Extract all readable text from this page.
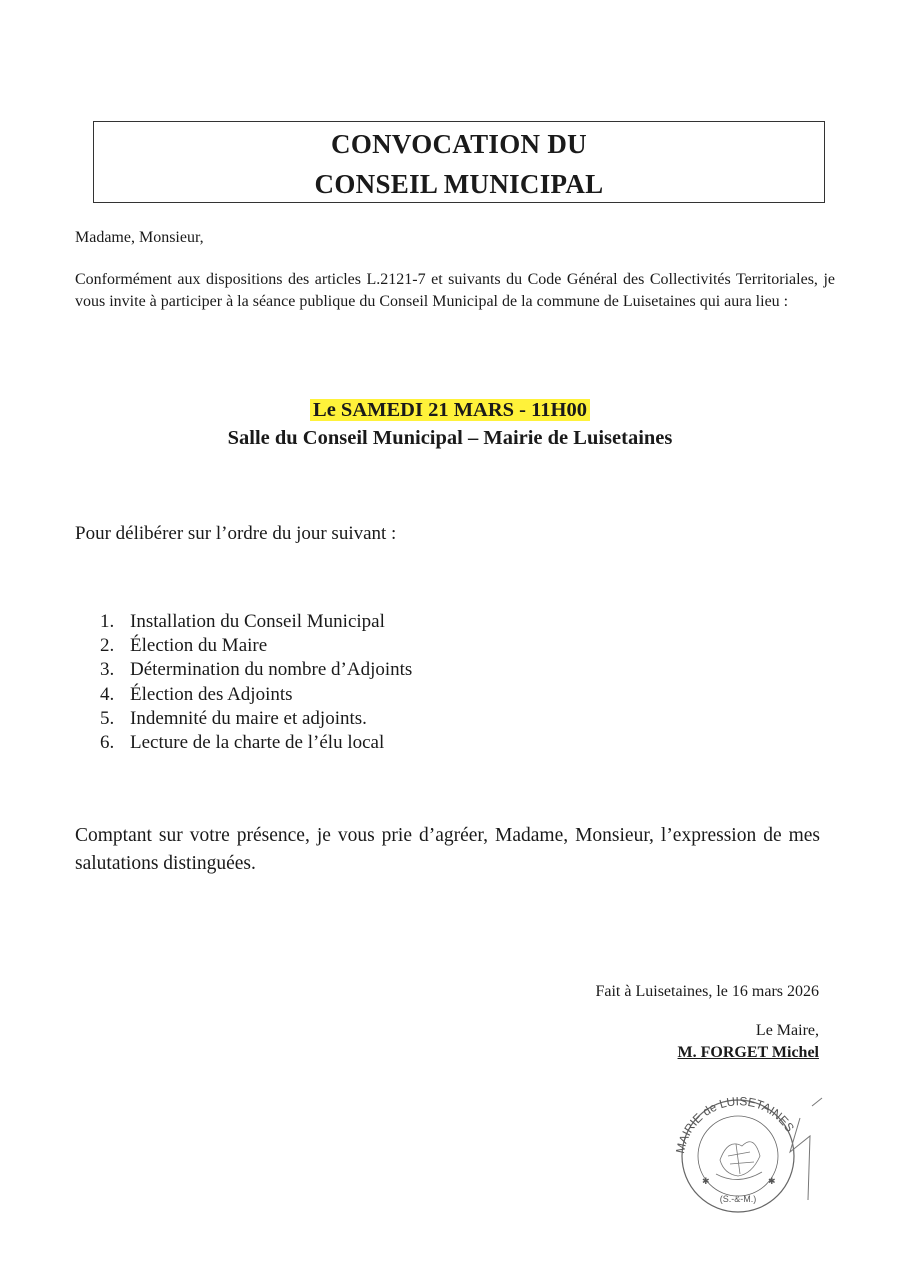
CONVOCATION DU
CONSEIL MUNICIPAL
Madame, Monsieur,
Conformément aux dispositions des articles L.2121-7 et suivants du Code Général des Collectivités Territoriales, je vous invite à participer à la séance publique du Conseil Municipal de la commune de Luisetaines qui aura lieu :
Le SAMEDI 21 MARS - 11H00
Salle du Conseil Municipal – Mairie de Luisetaines
Pour délibérer sur l’ordre du jour suivant :
1. Installation du Conseil Municipal
2. Élection du Maire
3. Détermination du nombre d’Adjoints
4. Élection des Adjoints
5. Indemnité du maire et adjoints.
6. Lecture de la charte de l’élu local
Comptant sur votre présence, je vous prie d’agréer, Madame, Monsieur, l’expression de mes salutations distinguées.
Fait à Luisetaines, le 16 mars 2026
Le Maire,
M. FORGET Michel
MAIRIE de LUISETAINES
(S.-&-M.)
✱	✱
